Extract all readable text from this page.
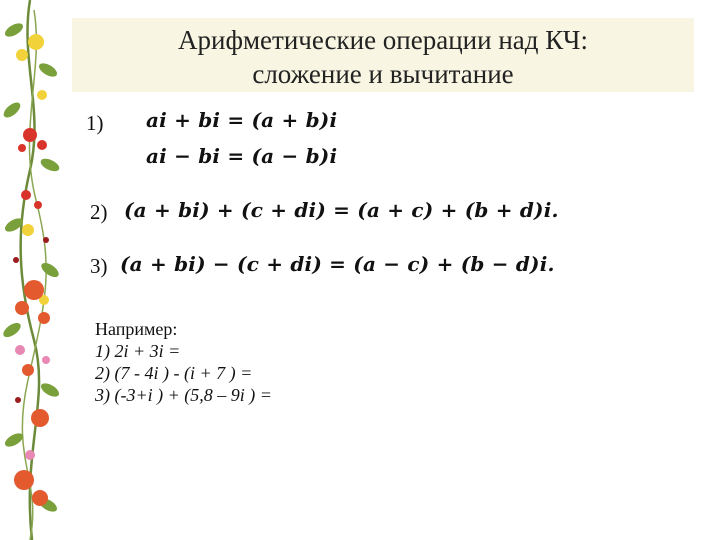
Арифметические операции над КЧ:
сложение и вычитание
1) ai + bi = (a + b)i
ai − bi = (a − b)i
2) (a + bi) + (c + di) = (a + c) + (b + d)i.
3) (a + bi) − (c + di) = (a − c) + (b − d)i.
Например:
1) 2i + 3i =
2) (7 - 4i ) - (i + 7 ) =
3) (-3+i ) + (5,8 – 9i ) =
